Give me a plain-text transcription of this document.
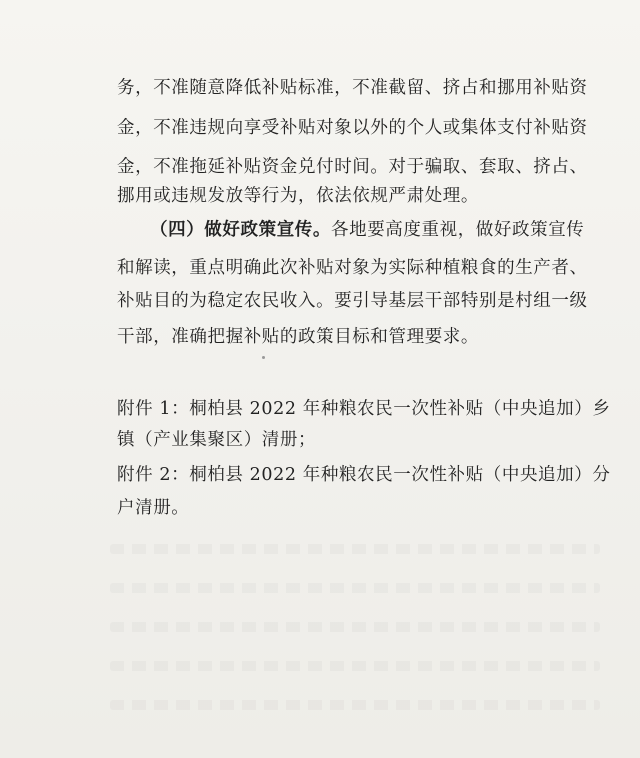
务，不准随意降低补贴标准，不准截留、挤占和挪用补贴资
金，不准违规向享受补贴对象以外的个人或集体支付补贴资
金，不准拖延补贴资金兑付时间。对于骗取、套取、挤占、
挪用或违规发放等行为，依法依规严肃处理。
（四）做好政策宣传。各地要高度重视，做好政策宣传
和解读，重点明确此次补贴对象为实际种植粮食的生产者、
补贴目的为稳定农民收入。要引导基层干部特别是村组一级
干部，准确把握补贴的政策目标和管理要求。
附件 1：桐柏县 2022 年种粮农民一次性补贴（中央追加）乡
镇（产业集聚区）清册；
附件 2：桐柏县 2022 年种粮农民一次性补贴（中央追加）分
户清册。
